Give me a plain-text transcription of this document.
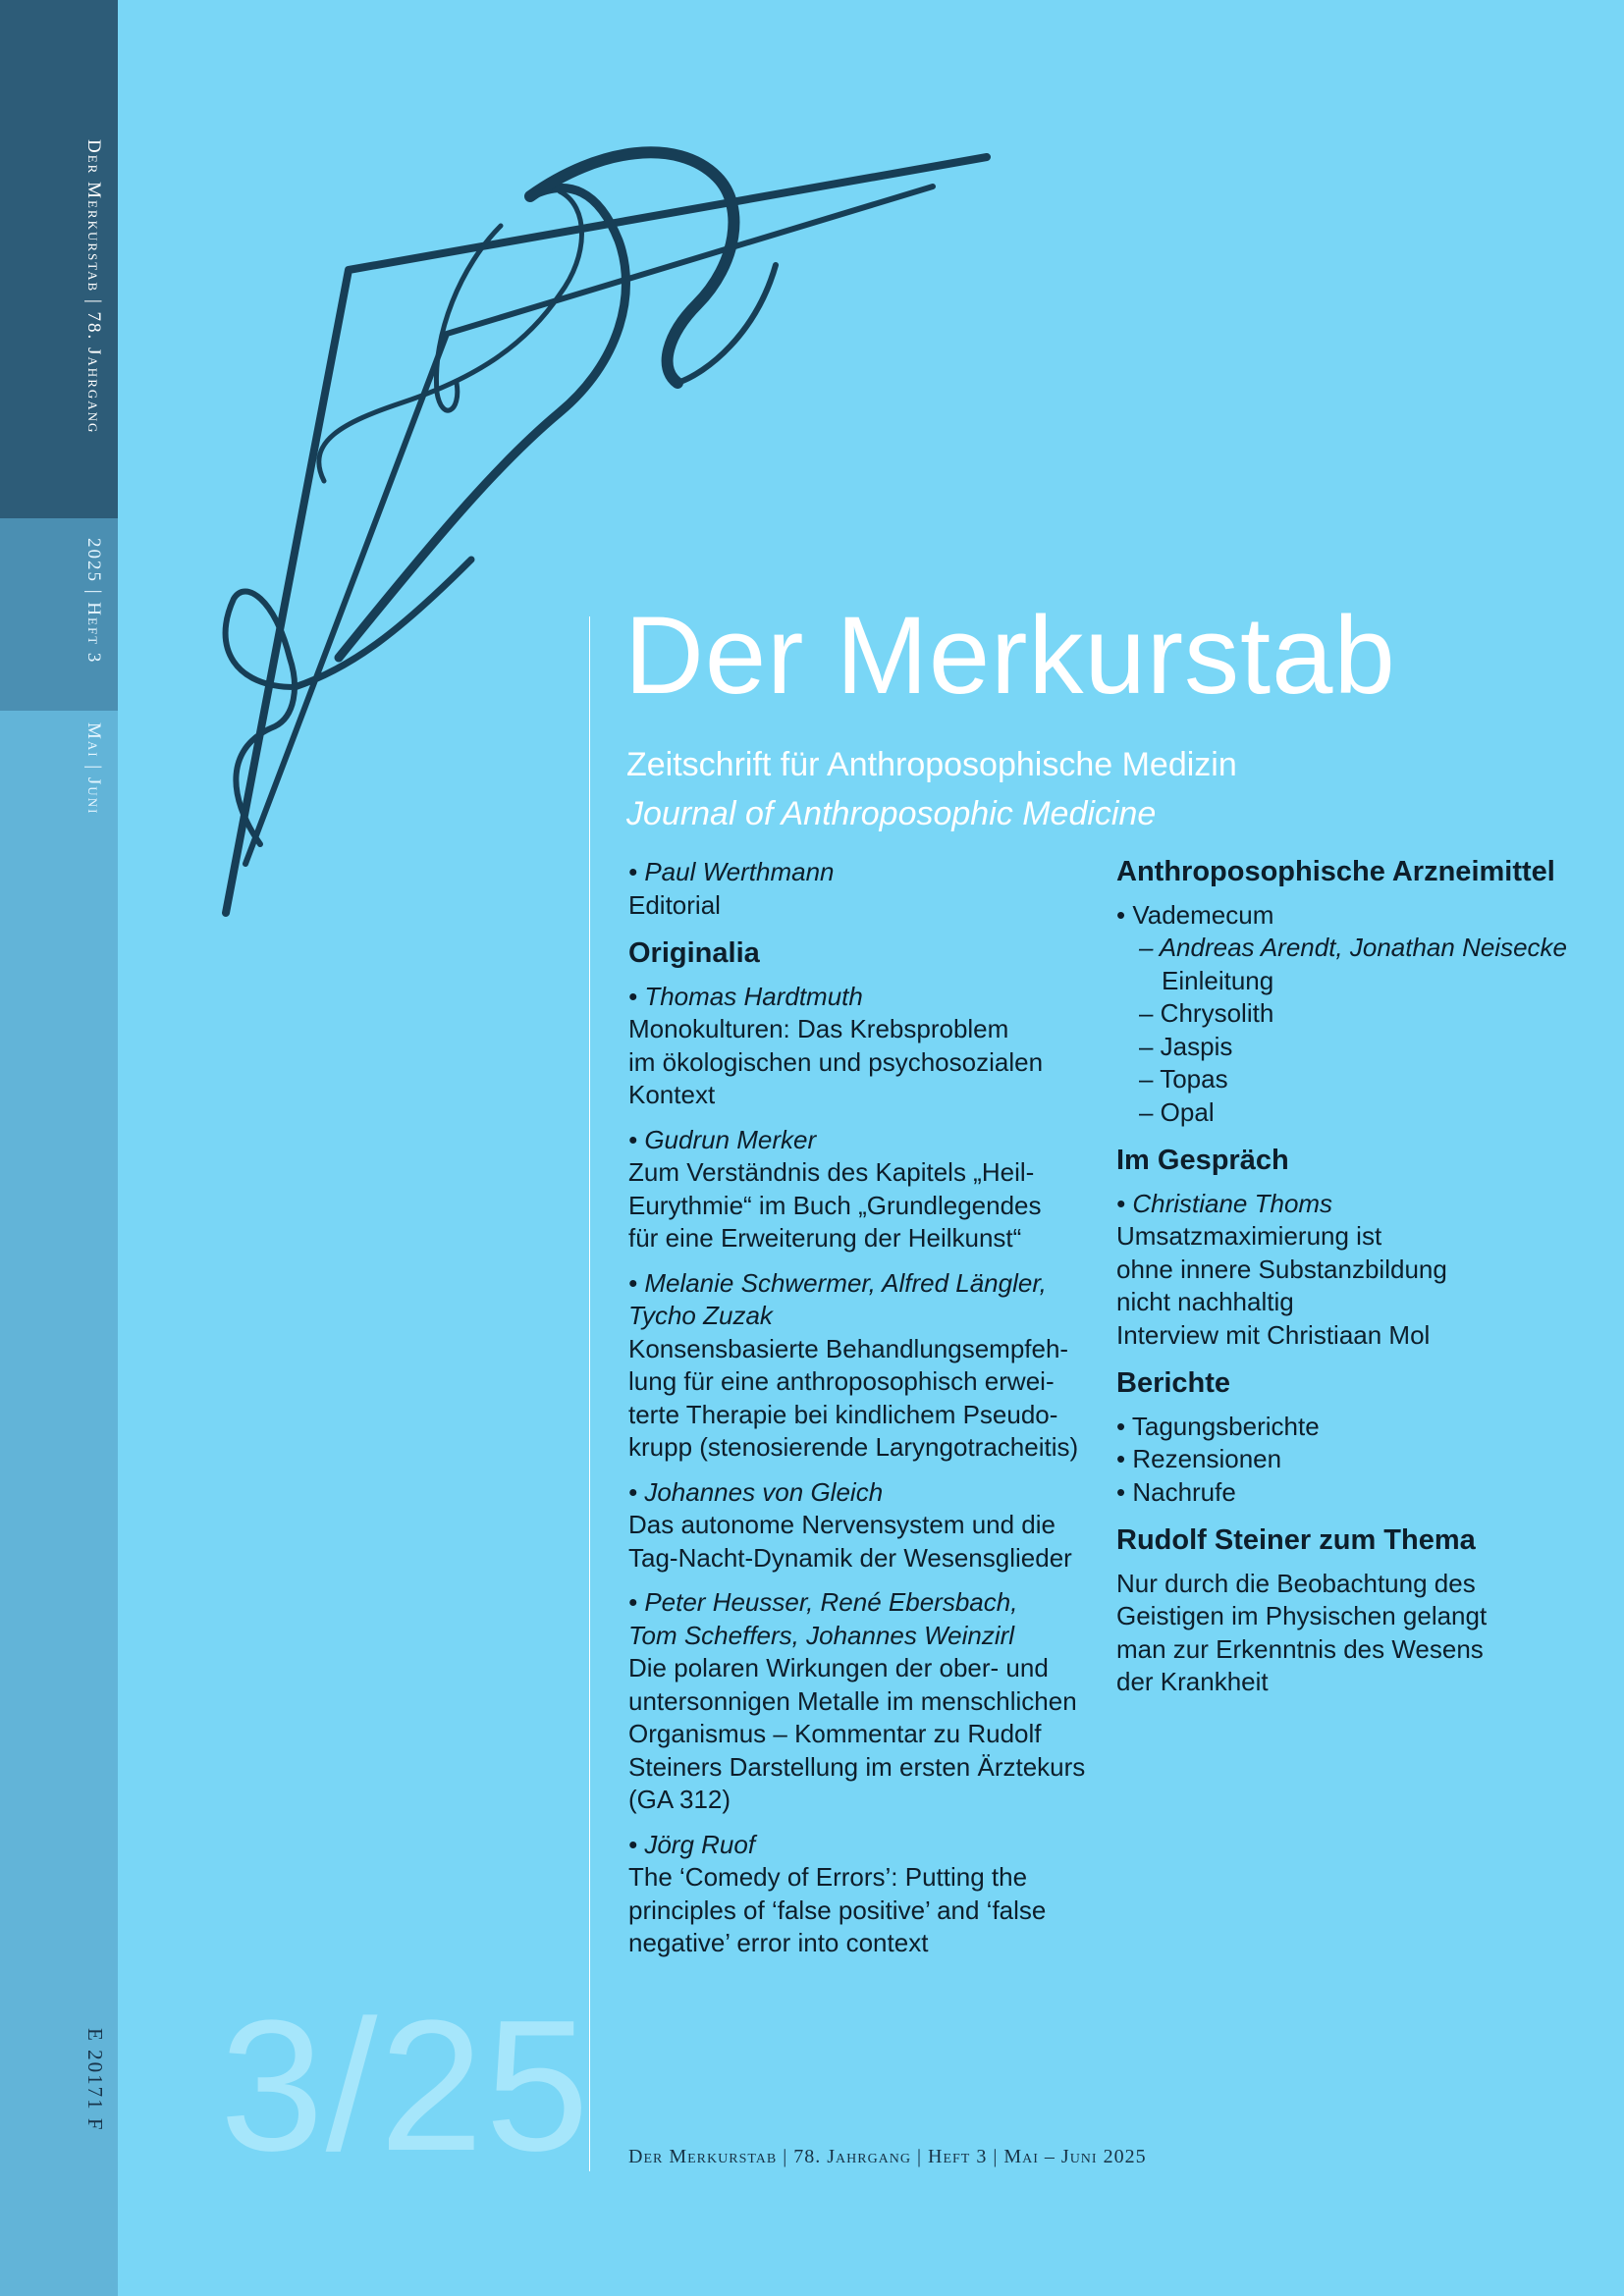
Der Merkurstab | 78. Jahrgang
2025 | Heft 3
Mai | Juni
E 20171 F
Der Merkurstab
Zeitschrift für Anthroposophische Medizin
Journal of Anthroposophic Medicine
• Paul Werthmann
Editorial
Originalia
• Thomas Hardtmuth
Monokulturen: Das Krebsproblem
im ökologischen und psychosozialen
Kontext
• Gudrun Merker
Zum Verständnis des Kapitels „Heil-
Eurythmie“ im Buch „Grundlegendes
für eine Erweiterung der Heilkunst“
• Melanie Schwermer, Alfred Längler,
Tycho Zuzak
Konsensbasierte Behandlungsempfeh-
lung für eine anthroposophisch erwei-
terte Therapie bei kindlichem Pseudo-
krupp (stenosierende Laryngotracheitis)
• Johannes von Gleich
Das autonome Nervensystem und die
Tag-Nacht-Dynamik der Wesensglieder
• Peter Heusser, René Ebersbach,
Tom Scheffers, Johannes Weinzirl
Die polaren Wirkungen der ober- und
untersonnigen Metalle im menschlichen
Organismus – Kommentar zu Rudolf
Steiners Darstellung im ersten Ärztekurs
(GA 312)
• Jörg Ruof
The ‘Comedy of Errors’: Putting the
principles of ‘false positive’ and ‘false
negative’ error into context
Anthroposophische Arzneimittel
• Vademecum
– Andreas Arendt, Jonathan Neisecke
Einleitung
– Chrysolith
– Jaspis
– Topas
– Opal
Im Gespräch
• Christiane Thoms
Umsatzmaximierung ist
ohne innere Substanzbildung
nicht nachhaltig
Interview mit Christiaan Mol
Berichte
• Tagungsberichte
• Rezensionen
• Nachrufe
Rudolf Steiner zum Thema
Nur durch die Beobachtung des
Geistigen im Physischen gelangt
man zur Erkenntnis des Wesens
der Krankheit
3/25 Der Merkurstab | 78. Jahrgang | Heft 3 | Mai – Juni 2025
